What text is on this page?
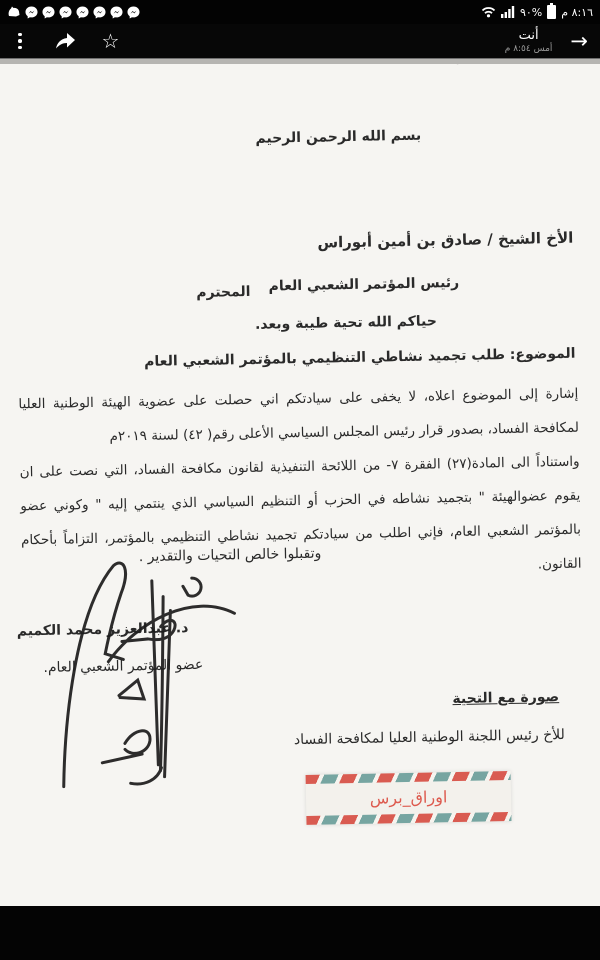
٩٠% ٨:١٦ م
☆	أنت
أمس ٨:٥٤ م →
بسم الله الرحمن الرحيم
الأخ الشيخ / صادق بن أمين أبوراس
رئيس المؤتمر الشعبي العام
المحترم
حياكم الله تحية طيبة وبعد.
الموضوع: طلب تجميد نشاطي التنظيمي بالمؤتمر الشعبي العام
إشارة إلى الموضوع اعلاه، لا يخفى على سيادتكم اني حصلت على عضوية الهيئة الوطنية العليا لمكافحة الفساد، بصدور قرار رئيس المجلس السياسي الأعلى رقم( ٤٢) لسنة ٢٠١٩م
واستناداً الى المادة(٢٧) الفقرة ٧- من اللائحة التنفيذية لقانون مكافحة الفساد، التي نصت على ان يقوم عضوالهيئة " بتجميد نشاطه في الحزب أو التنظيم السياسي الذي ينتمي إليه " وكوني عضو بالمؤتمر الشعبي العام، فإني اطلب من سيادتكم تجميد نشاطي التنظيمي بالمؤتمر، التزاماً بأحكام القانون.
وتقبلوا خالص التحيات والتقدير .
د. عبدالعزيز محمد الكميم
عضو المؤتمر الشعبي العام.
صورة مع التحية
للأخ رئيس اللجنة الوطنية العليا لمكافحة الفساد
اوراق_برس
